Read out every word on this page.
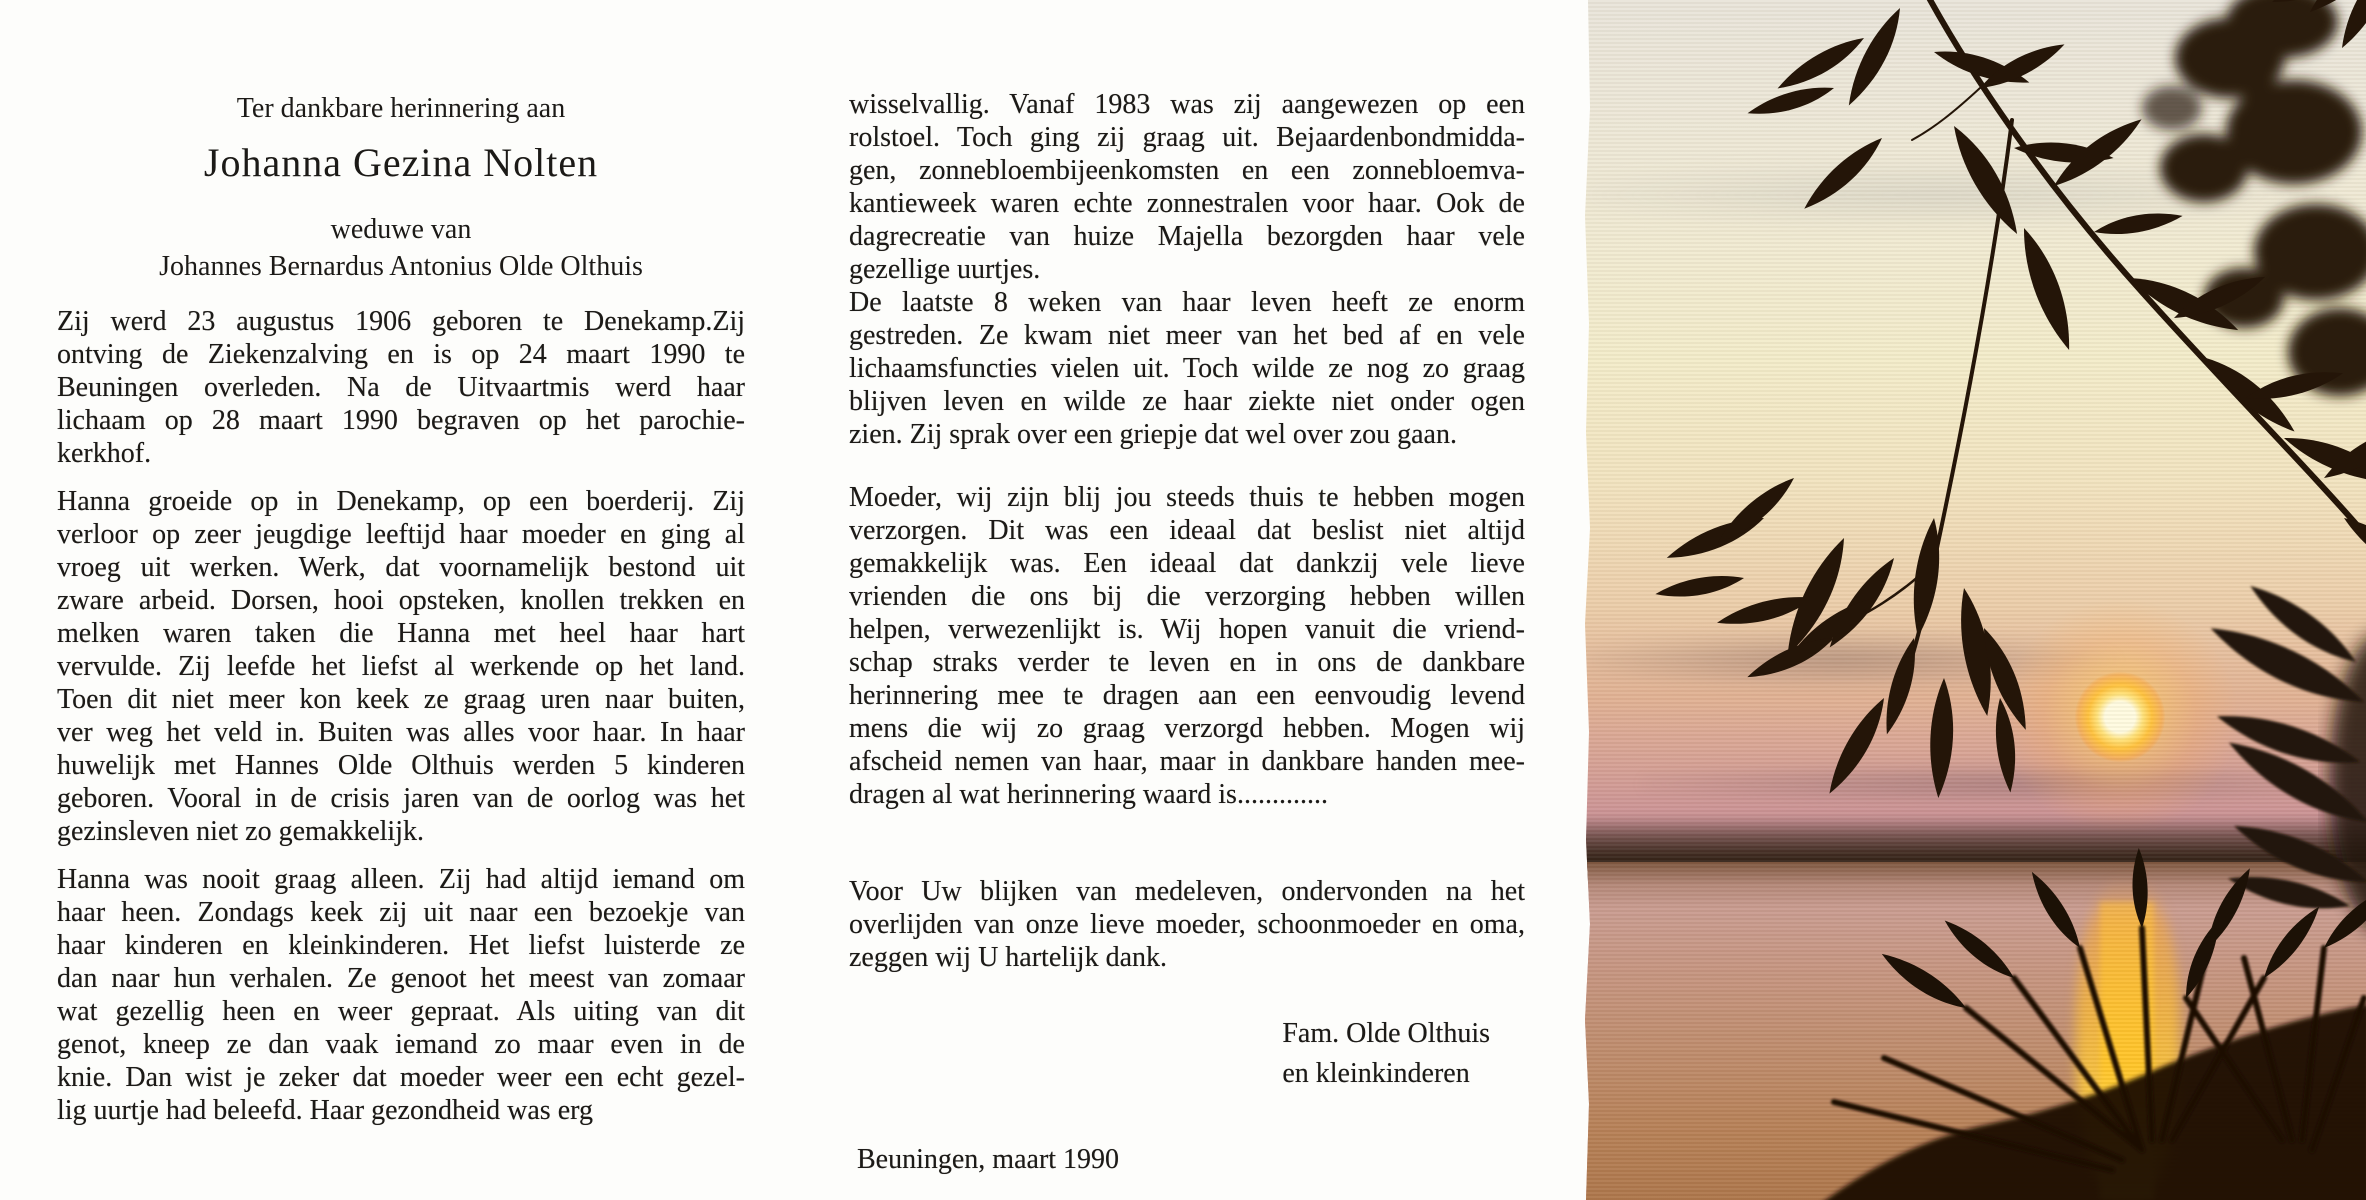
Ter dankbare herinnering aan
Johanna Gezina Nolten
weduwe van
Johannes Bernardus Antonius Olde Olthuis
Zij werd 23 augustus 1906 geboren te Denekamp.Zij
ontving de Ziekenzalving en is op 24 maart 1990 te
Beuningen overleden. Na de Uitvaartmis werd haar
lichaam op 28 maart 1990 begraven op het parochie-
kerkhof.
Hanna groeide op in Denekamp, op een boerderij. Zij
verloor op zeer jeugdige leeftijd haar moeder en ging al
vroeg uit werken. Werk, dat voornamelijk bestond uit
zware arbeid. Dorsen, hooi opsteken, knollen trekken en
melken waren taken die Hanna met heel haar hart
vervulde. Zij leefde het liefst al werkende op het land.
Toen dit niet meer kon keek ze graag uren naar buiten,
ver weg het veld in. Buiten was alles voor haar. In haar
huwelijk met Hannes Olde Olthuis werden 5 kinderen
geboren. Vooral in de crisis jaren van de oorlog was het
gezinsleven niet zo gemakkelijk.
Hanna was nooit graag alleen. Zij had altijd iemand om
haar heen. Zondags keek zij uit naar een bezoekje van
haar kinderen en kleinkinderen. Het liefst luisterde ze
dan naar hun verhalen. Ze genoot het meest van zomaar
wat gezellig heen en weer gepraat. Als uiting van dit
genot, kneep ze dan vaak iemand zo maar even in de
knie. Dan wist je zeker dat moeder weer een echt gezel-
lig uurtje had beleefd. Haar gezondheid was erg
wisselvallig. Vanaf 1983 was zij aangewezen op een
rolstoel. Toch ging zij graag uit. Bejaardenbondmidda-
gen, zonnebloembijeenkomsten en een zonnebloemva-
kantieweek waren echte zonnestralen voor haar. Ook de
dagrecreatie van huize Majella bezorgden haar vele
gezellige uurtjes.
De laatste 8 weken van haar leven heeft ze enorm
gestreden. Ze kwam niet meer van het bed af en vele
lichaamsfuncties vielen uit. Toch wilde ze nog zo graag
blijven leven en wilde ze haar ziekte niet onder ogen
zien. Zij sprak over een griepje dat wel over zou gaan.
Moeder, wij zijn blij jou steeds thuis te hebben mogen
verzorgen. Dit was een ideaal dat beslist niet altijd
gemakkelijk was. Een ideaal dat dankzij vele lieve
vrienden die ons bij die verzorging hebben willen
helpen, verwezenlijkt is. Wij hopen vanuit die vriend-
schap straks verder te leven en in ons de dankbare
herinnering mee te dragen aan een eenvoudig levend
mens die wij zo graag verzorgd hebben. Mogen wij
afscheid nemen van haar, maar in dankbare handen mee-
dragen al wat herinnering waard is.............
Voor Uw blijken van medeleven, ondervonden na het
overlijden van onze lieve moeder, schoonmoeder en oma,
zeggen wij U hartelijk dank.
Fam. Olde Olthuis
en kleinkinderen
Beuningen, maart 1990
